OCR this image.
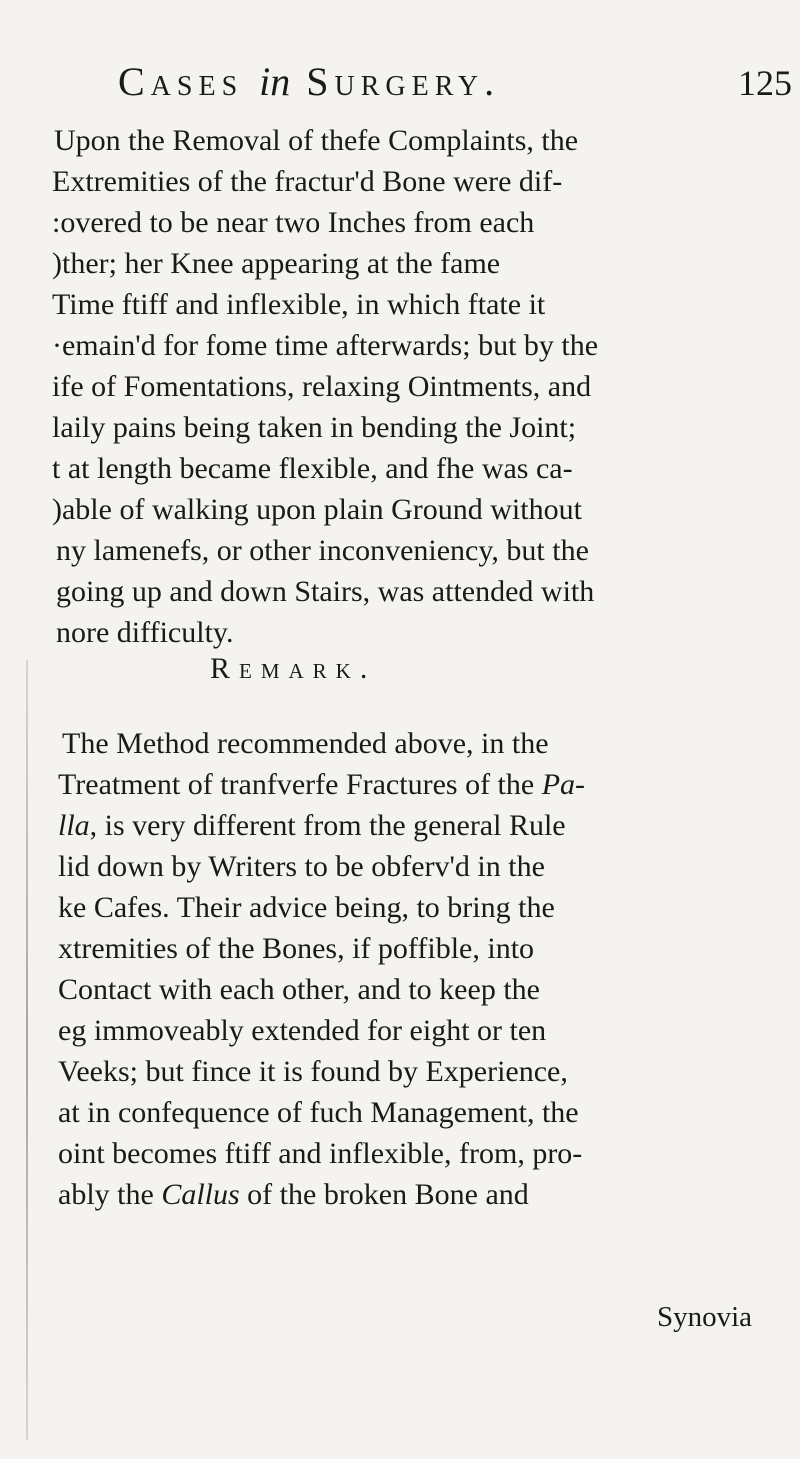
Cases in Surgery.	125
Upon the Removal of thefe Complaints, the
Extremities of the fractur'd Bone were dif-
:overed to be near two Inches from each
)ther; her Knee appearing at the fame
Time ftiff and inflexible, in which ftate it
·emain'd for fome time afterwards; but by the
ife of Fomentations, relaxing Ointments, and
laily pains being taken in bending the Joint;
t at length became flexible, and fhe was ca-
)able of walking upon plain Ground without
ny lamenefs, or other inconveniency, but the
going up and down Stairs, was attended with
nore difficulty.
Remark.
The Method recommended above, in the
Treatment of tranfverfe Fractures of the Pa-
lla, is very different from the general Rule
lid down by Writers to be obferv'd in the
ke Cafes. Their advice being, to bring the
xtremities of the Bones, if poffible, into
Contact with each other, and to keep the
eg immoveably extended for eight or ten
Veeks; but fince it is found by Experience,
at in confequence of fuch Management, the
oint becomes ftiff and inflexible, from, pro-
ably the Callus of the broken Bone and
Synovia
